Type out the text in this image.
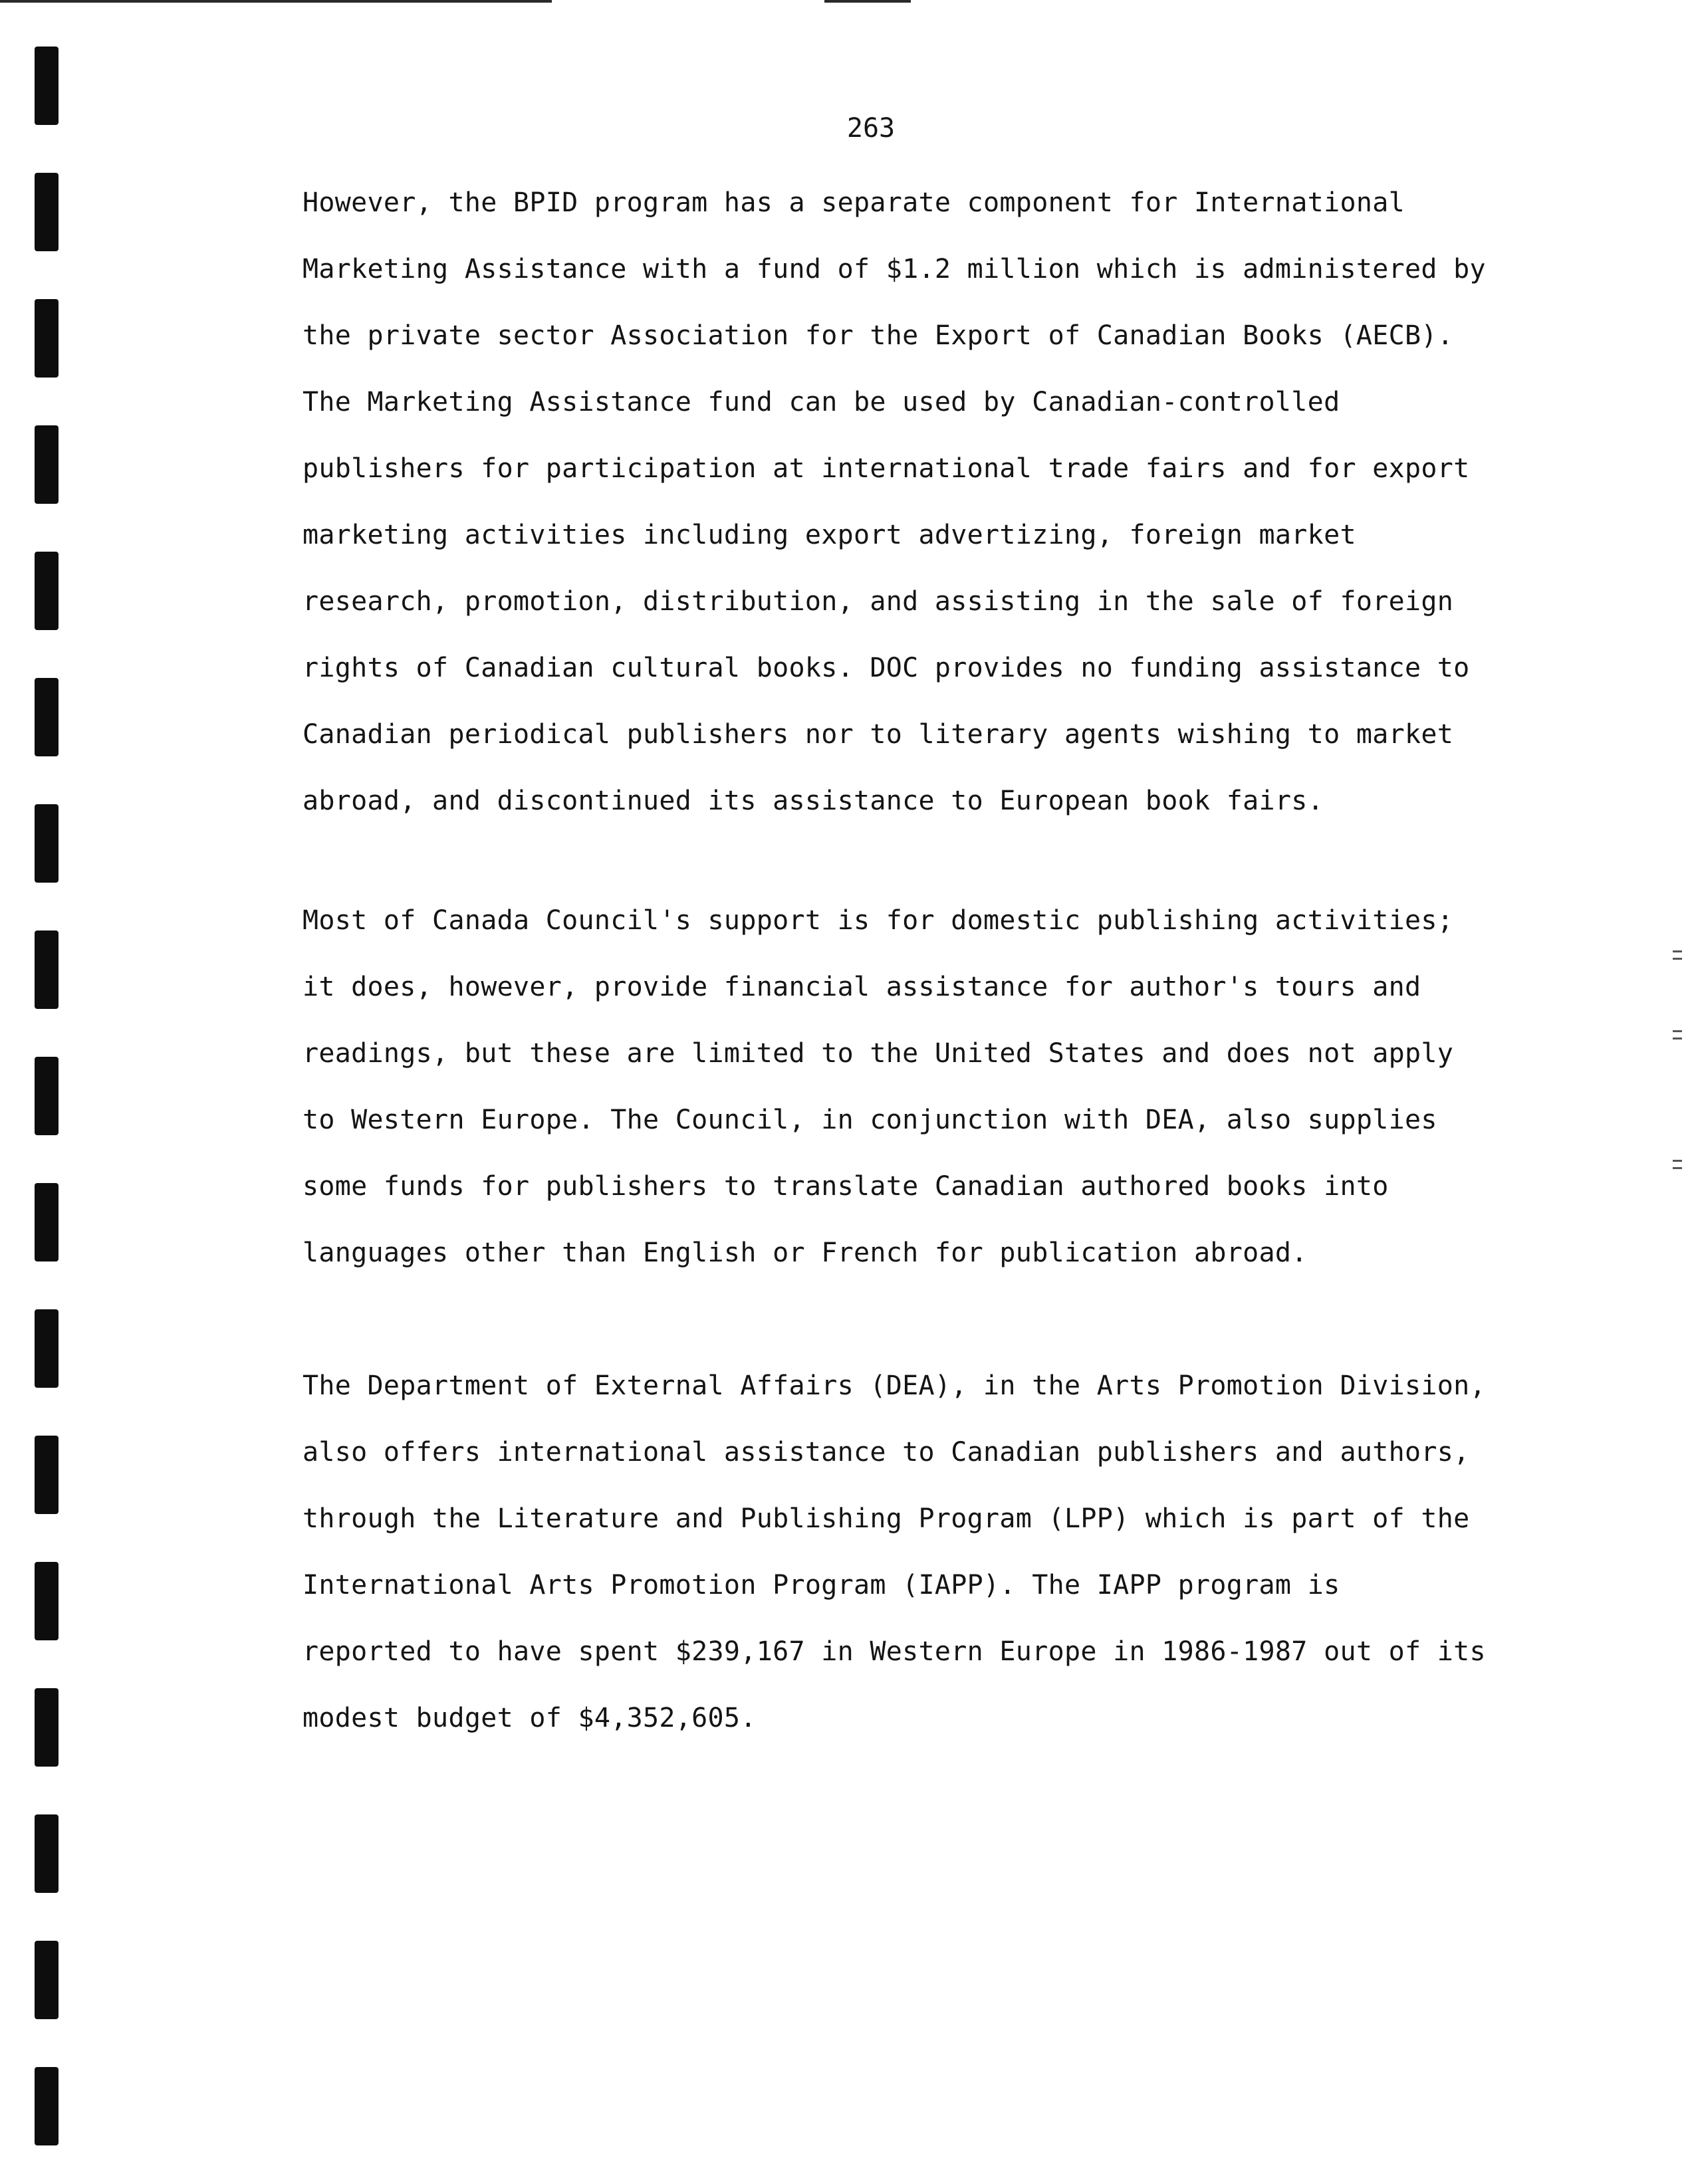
263
However, the BPID program has a separate component for International
Marketing Assistance with a fund of $1.2 million which is administered by
the private sector Association for the Export of Canadian Books (AECB).
The Marketing Assistance fund can be used by Canadian-controlled
publishers for participation at international trade fairs and for export
marketing activities including export advertizing, foreign market
research, promotion, distribution, and assisting in the sale of foreign
rights of Canadian cultural books. DOC provides no funding assistance to
Canadian periodical publishers nor to literary agents wishing to market
abroad, and discontinued its assistance to European book fairs.
Most of Canada Council's support is for domestic publishing activities;
it does, however, provide financial assistance for author's tours and
readings, but these are limited to the United States and does not apply
to Western Europe. The Council, in conjunction with DEA, also supplies
some funds for publishers to translate Canadian authored books into
languages other than English or French for publication abroad.
The Department of External Affairs (DEA), in the Arts Promotion Division,
also offers international assistance to Canadian publishers and authors,
through the Literature and Publishing Program (LPP) which is part of the
International Arts Promotion Program (IAPP). The IAPP program is
reported to have spent $239,167 in Western Europe in 1986-1987 out of its
modest budget of $4,352,605.
